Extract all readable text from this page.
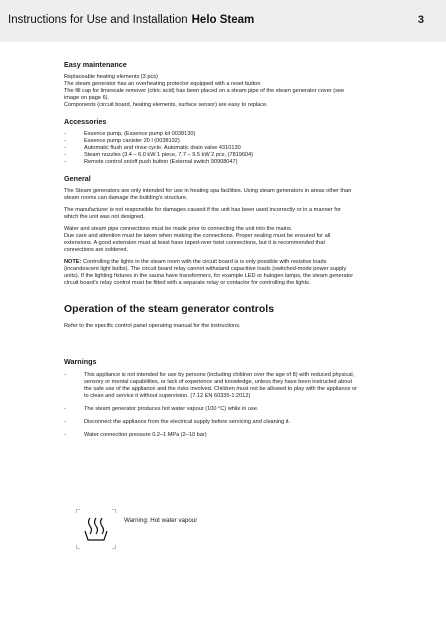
Instructions for Use and Installation Helo Steam	3
Easy maintenance
Replaceable heating elements (3 pcs)
The steam generator has an overheating protector equipped with a reset button
The fill cap for limescale remover (citric acid) has been placed on a steam pipe of the steam generator cover (see
image on page 6).
Components (circuit board, heating elements, surface sensor) are easy to replace.
Accessories
-	Essence pump, (Essence pump kit 0038130)
-	Essence pump canister 20 l (0038132)
-	Automatic flush and rinse cycle. Automatic drain valve 4310130
-	Steam nozzles (3.4 – 6.0 kW 1 piece, 7.7 – 9.5 kW 2 pcs, (7819604)
-	Remote control on/off push button (External switch 90908047)
General
The Steam generators are only intended for use in heating spa facilities. Using steam generators in areas other than
steam rooms can damage the building's structure.
The manufacturer is not responsible for damages caused if the unit has been used incorrectly or in a manner for
which the unit was not designed.
Water and steam pipe connections must be made prior to connecting the unit into the mains.
Due care and attention must be taken when making the connections. Proper sealing must be ensured for all
extensions. A good extension must at least have taped-over twist connections, but it is recommended that
connections are soldered.
NOTE: Controlling the lights in the steam room with the circuit board is is only possible with resistive loads
(incandescent light bulbs). The circuit board relay cannot withstand capacitive loads (switched-mode power supply
units). If the lighting fixtures in the sauna have transformers, for example LED or halogen lamps, the steam generator
circuit board's relay control must be fitted with a separate relay or contactor for controlling the lights.
Operation of the steam generator controls

Refer to the specific control panel operating manual for the instructions.

Warnings
-	This appliance is not intended for use by persons (including children over the age of 8) with reduced physical,
sensory or mental capabilities, or lack of experience and knowledge, unless they have been instructed about
the safe use of the appliance and the risks involved. Children must not be allowed to play with the appliance or
to clean and service it without supervision. (7.12 EN 60335-1:2012)
-	The steam generator produces hot water vapour (100 °C) while in use.
-	Disconnect the appliance from the electrical supply before servicing and cleaning it.
-	Water connection pressure 0.2–1 MPa (2–10 bar)
Warning: Hot water vapour
